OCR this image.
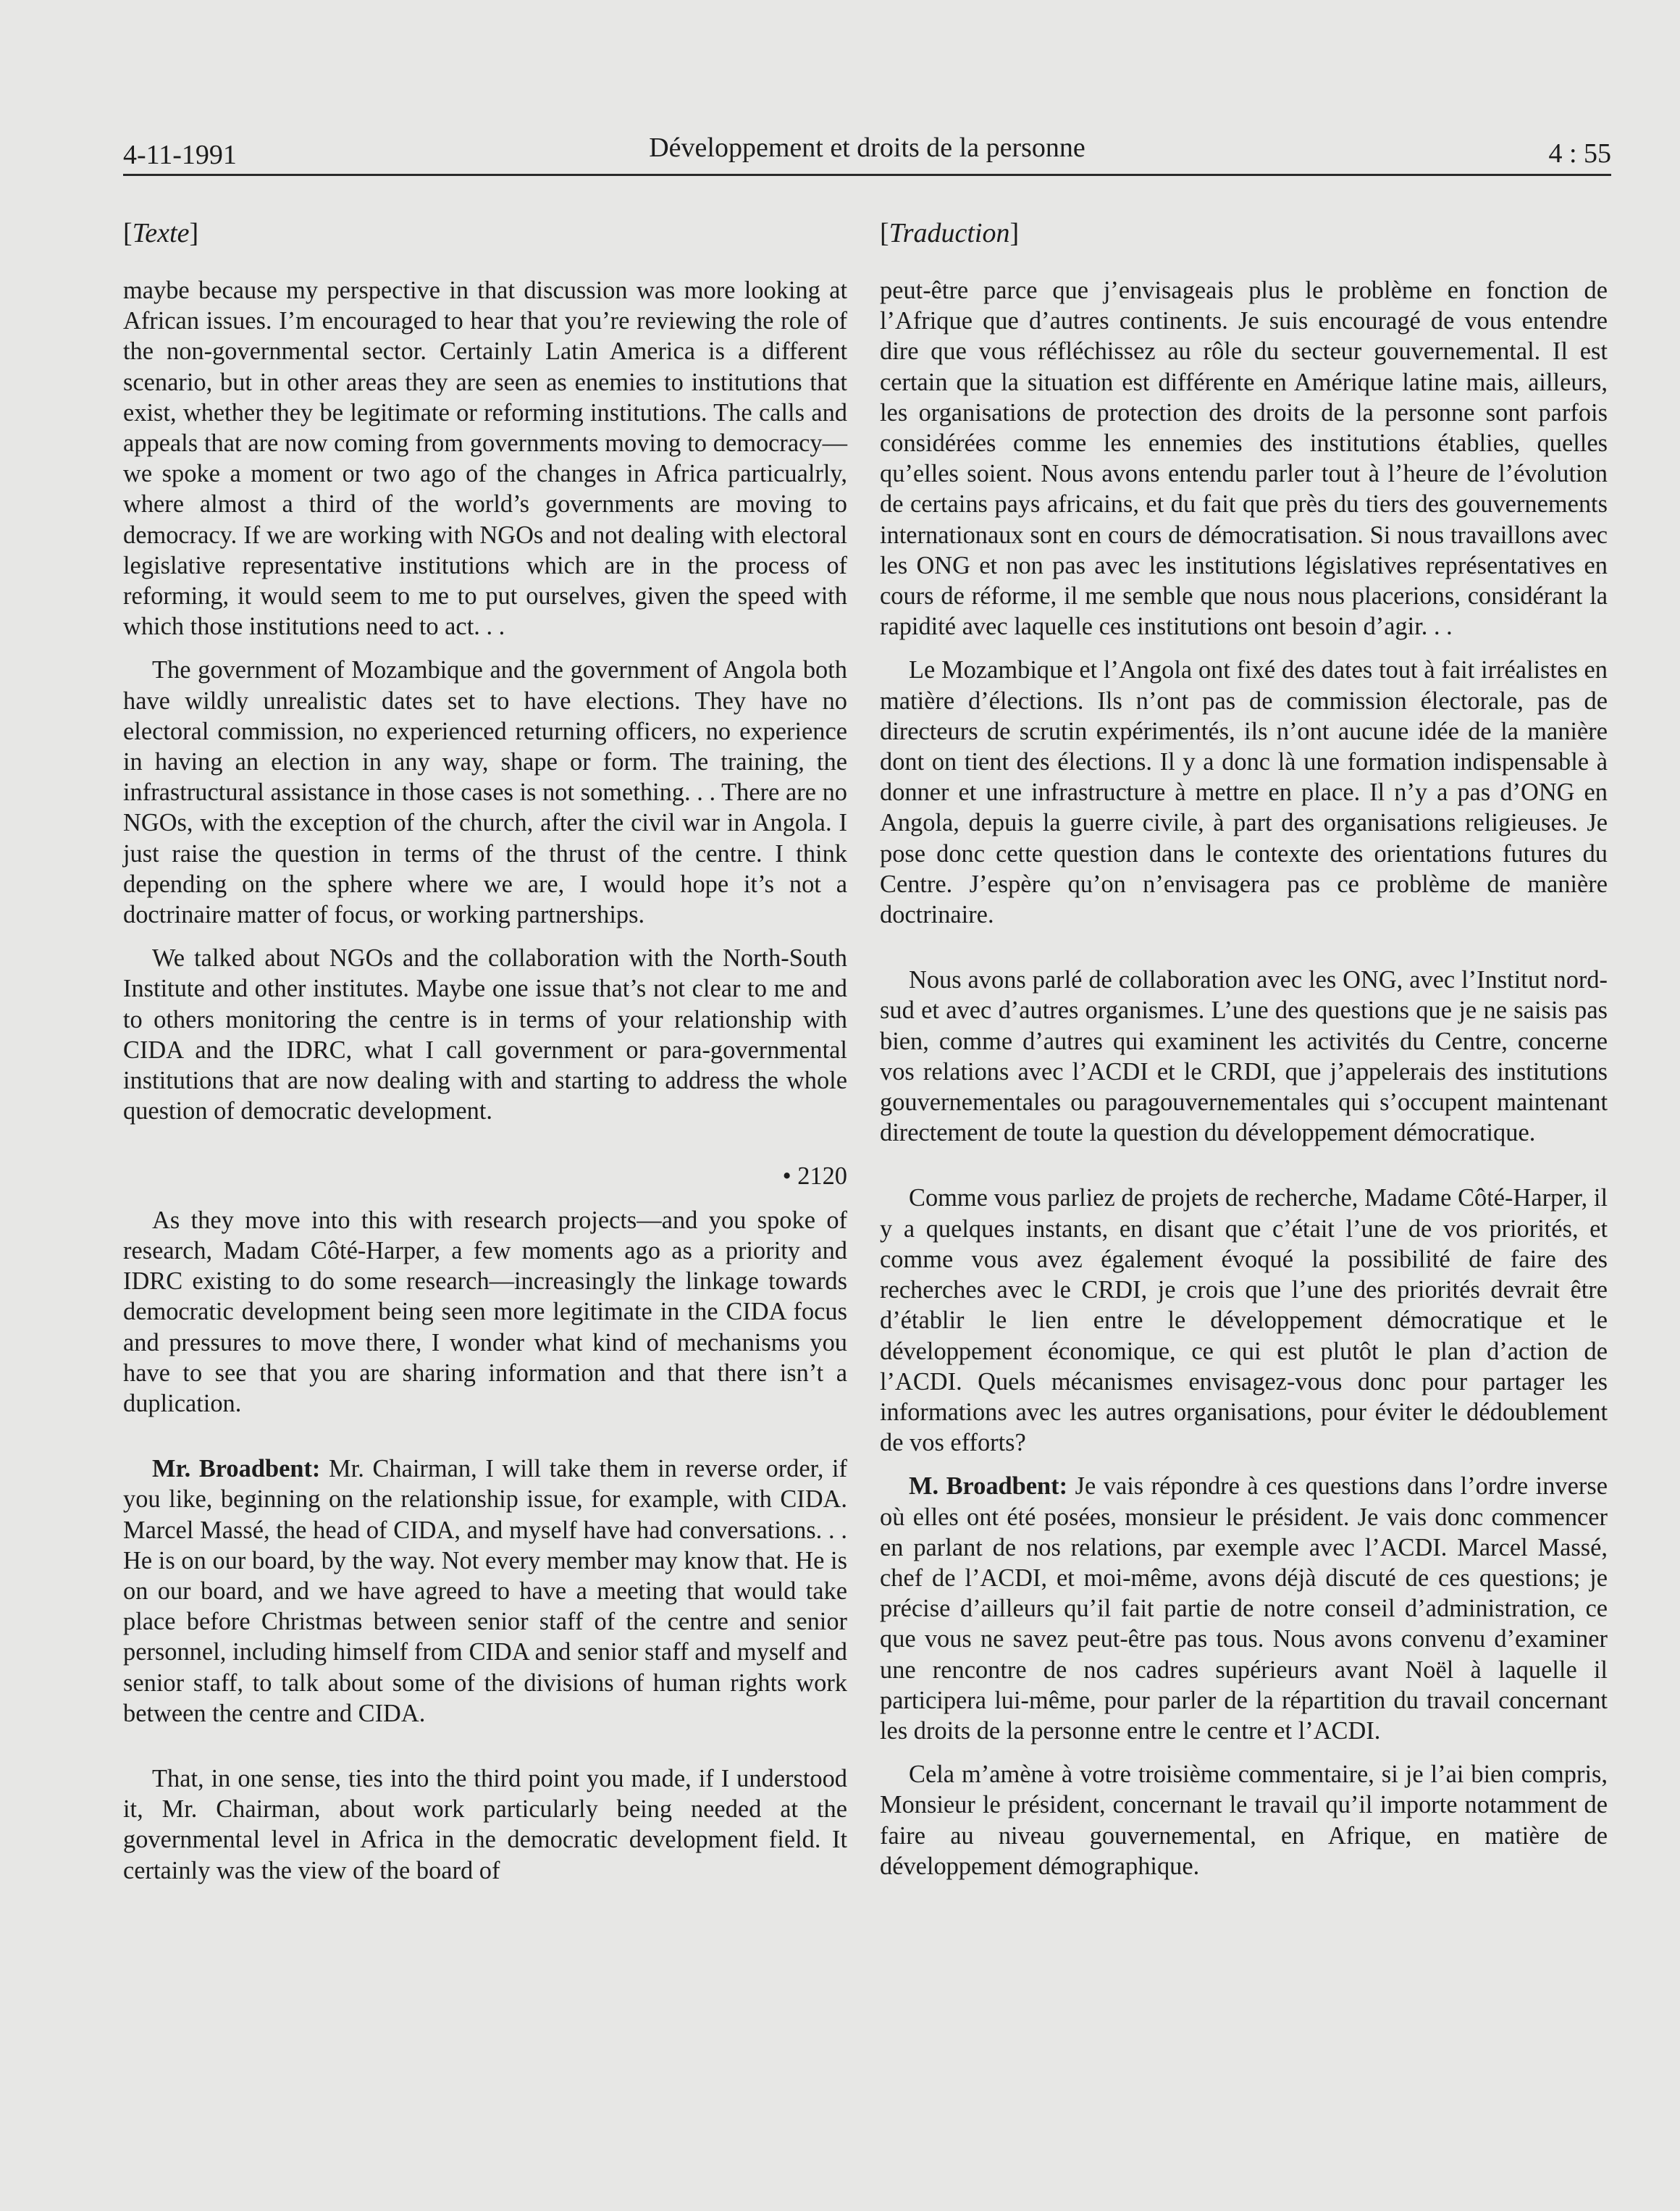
4-11-1991	Développement et droits de la personne	4 : 55
[Texte]

maybe because my perspective in that discussion was more looking at African issues. I’m encouraged to hear that you’re reviewing the role of the non-governmental sector. Certainly Latin America is a different scenario, but in other areas they are seen as enemies to institutions that exist, whether they be legitimate or reforming institutions. The calls and appeals that are now coming from governments moving to democracy—we spoke a moment or two ago of the changes in Africa particualrly, where almost a third of the world’s governments are moving to democracy. If we are working with NGOs and not dealing with electoral legislative representative institutions which are in the process of reforming, it would seem to me to put ourselves, given the speed with which those institutions need to act. . .

The government of Mozambique and the government of Angola both have wildly unrealistic dates set to have elections. They have no electoral commission, no experienced returning officers, no experience in having an election in any way, shape or form. The training, the infrastructural assistance in those cases is not something. . . There are no NGOs, with the exception of the church, after the civil war in Angola. I just raise the question in terms of the thrust of the centre. I think depending on the sphere where we are, I would hope it’s not a doctrinaire matter of focus, or working partnerships.

We talked about NGOs and the collaboration with the North-South Institute and other institutes. Maybe one issue that’s not clear to me and to others monitoring the centre is in terms of your relationship with CIDA and the IDRC, what I call government or para-governmental institutions that are now dealing with and starting to address the whole question of democratic development.

• 2120

As they move into this with research projects—and you spoke of research, Madam Côté-Harper, a few moments ago as a priority and IDRC existing to do some research—increasingly the linkage towards democratic development being seen more legitimate in the CIDA focus and pressures to move there, I wonder what kind of mechanisms you have to see that you are sharing information and that there isn’t a duplication.

Mr. Broadbent: Mr. Chairman, I will take them in reverse order, if you like, beginning on the relationship issue, for example, with CIDA. Marcel Massé, the head of CIDA, and myself have had conversations. . . He is on our board, by the way. Not every member may know that. He is on our board, and we have agreed to have a meeting that would take place before Christmas between senior staff of the centre and senior personnel, including himself from CIDA and senior staff and myself and senior staff, to talk about some of the divisions of human rights work between the centre and CIDA.

That, in one sense, ties into the third point you made, if I understood it, Mr. Chairman, about work particularly being needed at the governmental level in Africa in the democratic development field. It certainly was the view of the board of

[Traduction]

peut-être parce que j’envisageais plus le problème en fonction de l’Afrique que d’autres continents. Je suis encouragé de vous entendre dire que vous réfléchissez au rôle du secteur gouvernemental. Il est certain que la situation est différente en Amérique latine mais, ailleurs, les organisations de protection des droits de la personne sont parfois considérées comme les ennemies des institutions établies, quelles qu’elles soient. Nous avons entendu parler tout à l’heure de l’évolution de certains pays africains, et du fait que près du tiers des gouvernements internationaux sont en cours de démocratisation. Si nous travaillons avec les ONG et non pas avec les institutions législatives représentatives en cours de réforme, il me semble que nous nous placerions, considérant la rapidité avec laquelle ces institutions ont besoin d’agir. . .

Le Mozambique et l’Angola ont fixé des dates tout à fait irréalistes en matière d’élections. Ils n’ont pas de commission électorale, pas de directeurs de scrutin expérimentés, ils n’ont aucune idée de la manière dont on tient des élections. Il y a donc là une formation indispensable à donner et une infrastructure à mettre en place. Il n’y a pas d’ONG en Angola, depuis la guerre civile, à part des organisations religieuses. Je pose donc cette question dans le contexte des orientations futures du Centre. J’espère qu’on n’envisagera pas ce problème de manière doctrinaire.

Nous avons parlé de collaboration avec les ONG, avec l’Institut nord-sud et avec d’autres organismes. L’une des questions que je ne saisis pas bien, comme d’autres qui examinent les activités du Centre, concerne vos relations avec l’ACDI et le CRDI, que j’appelerais des institutions gouvernementales ou paragouvernementales qui s’occupent maintenant directement de toute la question du développement démocratique.

Comme vous parliez de projets de recherche, Madame Côté-Harper, il y a quelques instants, en disant que c’était l’une de vos priorités, et comme vous avez également évoqué la possibilité de faire des recherches avec le CRDI, je crois que l’une des priorités devrait être d’établir le lien entre le développement démocratique et le développement économique, ce qui est plutôt le plan d’action de l’ACDI. Quels mécanismes envisagez-vous donc pour partager les informations avec les autres organisations, pour éviter le dédoublement de vos efforts?

M. Broadbent: Je vais répondre à ces questions dans l’ordre inverse où elles ont été posées, monsieur le président. Je vais donc commencer en parlant de nos relations, par exemple avec l’ACDI. Marcel Massé, chef de l’ACDI, et moi-même, avons déjà discuté de ces questions; je précise d’ailleurs qu’il fait partie de notre conseil d’administration, ce que vous ne savez peut-être pas tous. Nous avons convenu d’examiner une rencontre de nos cadres supérieurs avant Noël à laquelle il participera lui-même, pour parler de la répartition du travail concernant les droits de la personne entre le centre et l’ACDI.

Cela m’amène à votre troisième commentaire, si je l’ai bien compris, Monsieur le président, concernant le travail qu’il importe notamment de faire au niveau gouvernemental, en Afrique, en matière de développement démographique.
